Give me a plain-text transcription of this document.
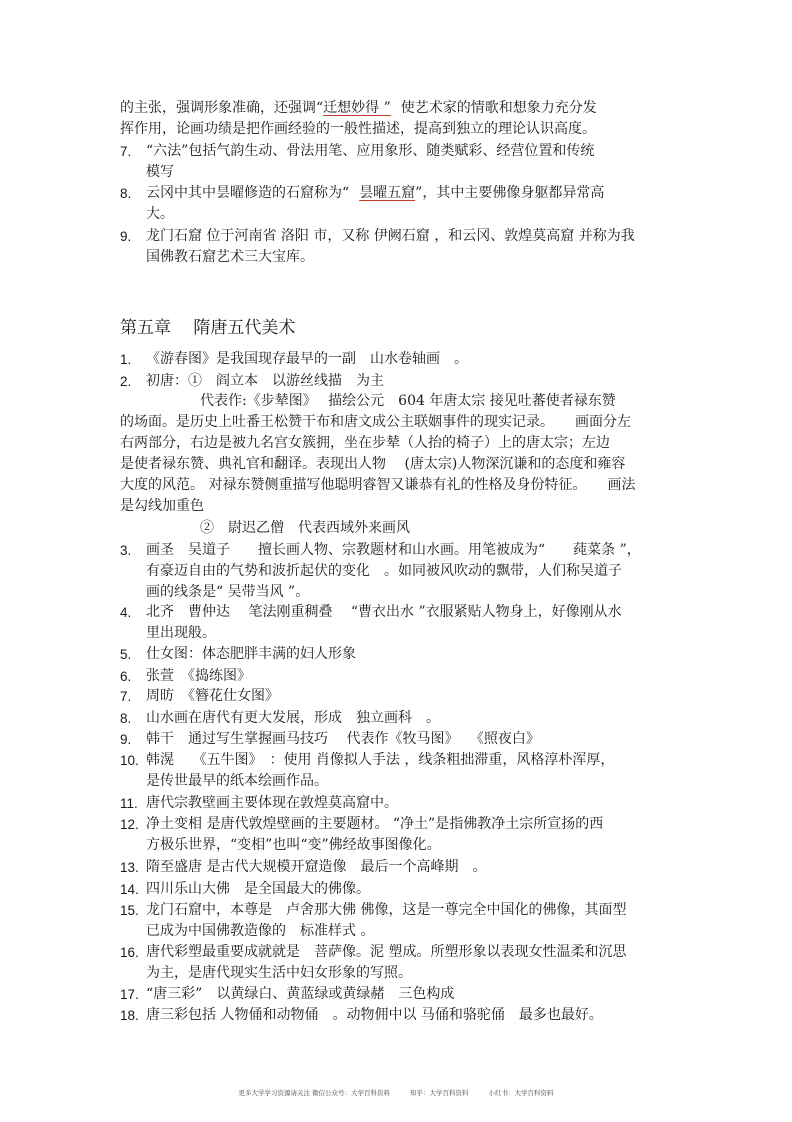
的主张，强调形象准确，还强调“迁想妙得 ” 使艺术家的情歌和想象力充分发
挥作用，论画功绩是把作画经验的一般性描述，提高到独立的理论认识高度。
7.	“六法”包括气韵生动、骨法用笔、应用象形、随类赋彩、经营位置和传统
模写
8.	云冈中其中昙曜修造的石窟称为“ 昙曜五窟”，其中主要佛像身躯都异常高
大。
9.	龙门石窟 位于河南省 洛阳 市，又称 伊阙石窟 ，和云冈、敦煌莫高窟 并称为我
国佛教石窟艺术三大宝库。
第五章　 隋唐五代美术
1.	《游春图》是我国现存最早的一副　山水卷轴画　。
2.	初唐：①　阎立本　以游丝线描　为主
代表作:《步辇图》　 描绘公元　604 年唐太宗 接见吐蕃使者禄东赞
的场面。是历史上吐番王松赞干布和唐文成公主联姻事件的现实记录。　　画面分左
右两部分，右边是被九名宫女簇拥，坐在步辇（人抬的椅子）上的唐太宗；左边
是使者禄东赞、典礼官和翻译。表现出人物　 (唐太宗)人物深沉谦和的态度和雍容
大度的风范。 对禄东赞侧重描写他聪明睿智又谦恭有礼的性格及身份特征。　　画法
是勾线加重色
②　尉迟乙僧　代表西域外来画风
3.	画圣　吴道子　　擅长画人物、宗教题材和山水画。用笔被成为“　　莼菜条 ”，
有豪迈自由的气势和波折起伏的变化　。如同被风吹动的飘带，人们称吴道子
画的线条是“ 吴带当风 ”。
4.	北齐　曹仲达　 笔法刚重稠叠　 “曹衣出水 ”衣服紧贴人物身上，好像刚从水
里出现般。
5.	仕女图：体态肥胖丰满的妇人形象
6.	张萱　《捣练图》
7.	周昉　《簪花仕女图》
8.	山水画在唐代有更大发展，形成　独立画科　。
9.	韩干　通过写生掌握画马技巧　 代表作《牧马图》　 《照夜白》
10. 韩滉　 《五牛图》　：使用 肖像拟人手法 ，线条粗拙滞重，风格淳朴浑厚，
是传世最早的纸本绘画作品。
11. 唐代宗教壁画主要体现在敦煌莫高窟中。
12. 净土变相 是唐代敦煌壁画的主要题材。 “净土”是指佛教净土宗所宣扬的西
方极乐世界，“变相”也叫“变”佛经故事图像化。
13. 隋至盛唐 是古代大规模开窟造像　最后一个高峰期　。
14. 四川乐山大佛　是全国最大的佛像。
15. 龙门石窟中，本尊是　卢舍那大佛 佛像，这是一尊完全中国化的佛像，其面型
已成为中国佛教造像的　标准样式 。
16. 唐代彩塑最重要成就就是　菩萨像。泥 塑成。所塑形象以表现女性温柔和沉思
为主，是唐代现实生活中妇女形象的写照。
17. “唐三彩”　以黄绿白、黄蓝绿或黄绿赭　三色构成
18. 唐三彩包括 人物俑和动物俑　。动物佣中以 马俑和骆驼俑　最多也最好。
更多大学学习资源请关注 微信公众号：大学百科资料	知乎：大学百科资料	小红书：大学百科资料
